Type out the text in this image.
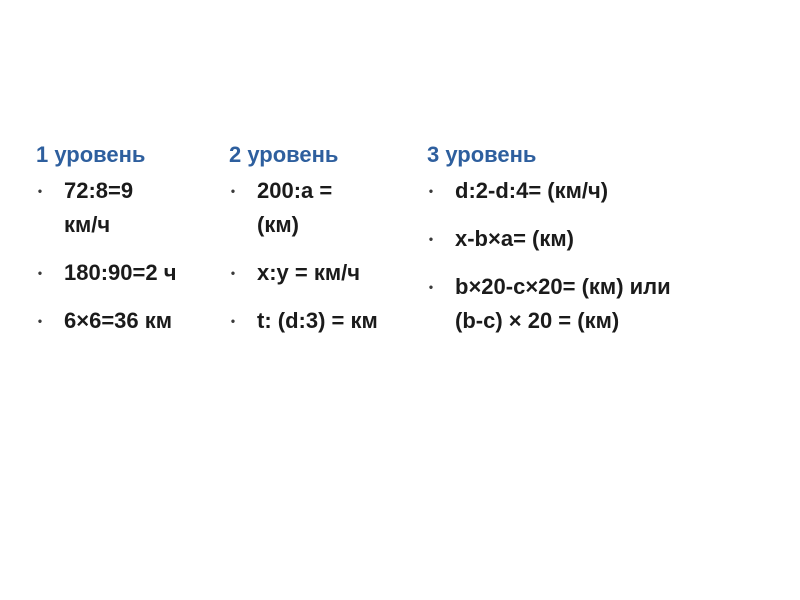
1 уровень
• 72:8=9
км/ч
• 180:90=2 ч
• 6×6=36 км
2 уровень
• 200:а =
(км)
• х:у = км/ч
• t: (d:3) = км
3 уровень
• d:2-d:4= (км/ч)
• x-b×a= (км)
• b×20-c×20= (км) или
(b-c) × 20 = (км)
